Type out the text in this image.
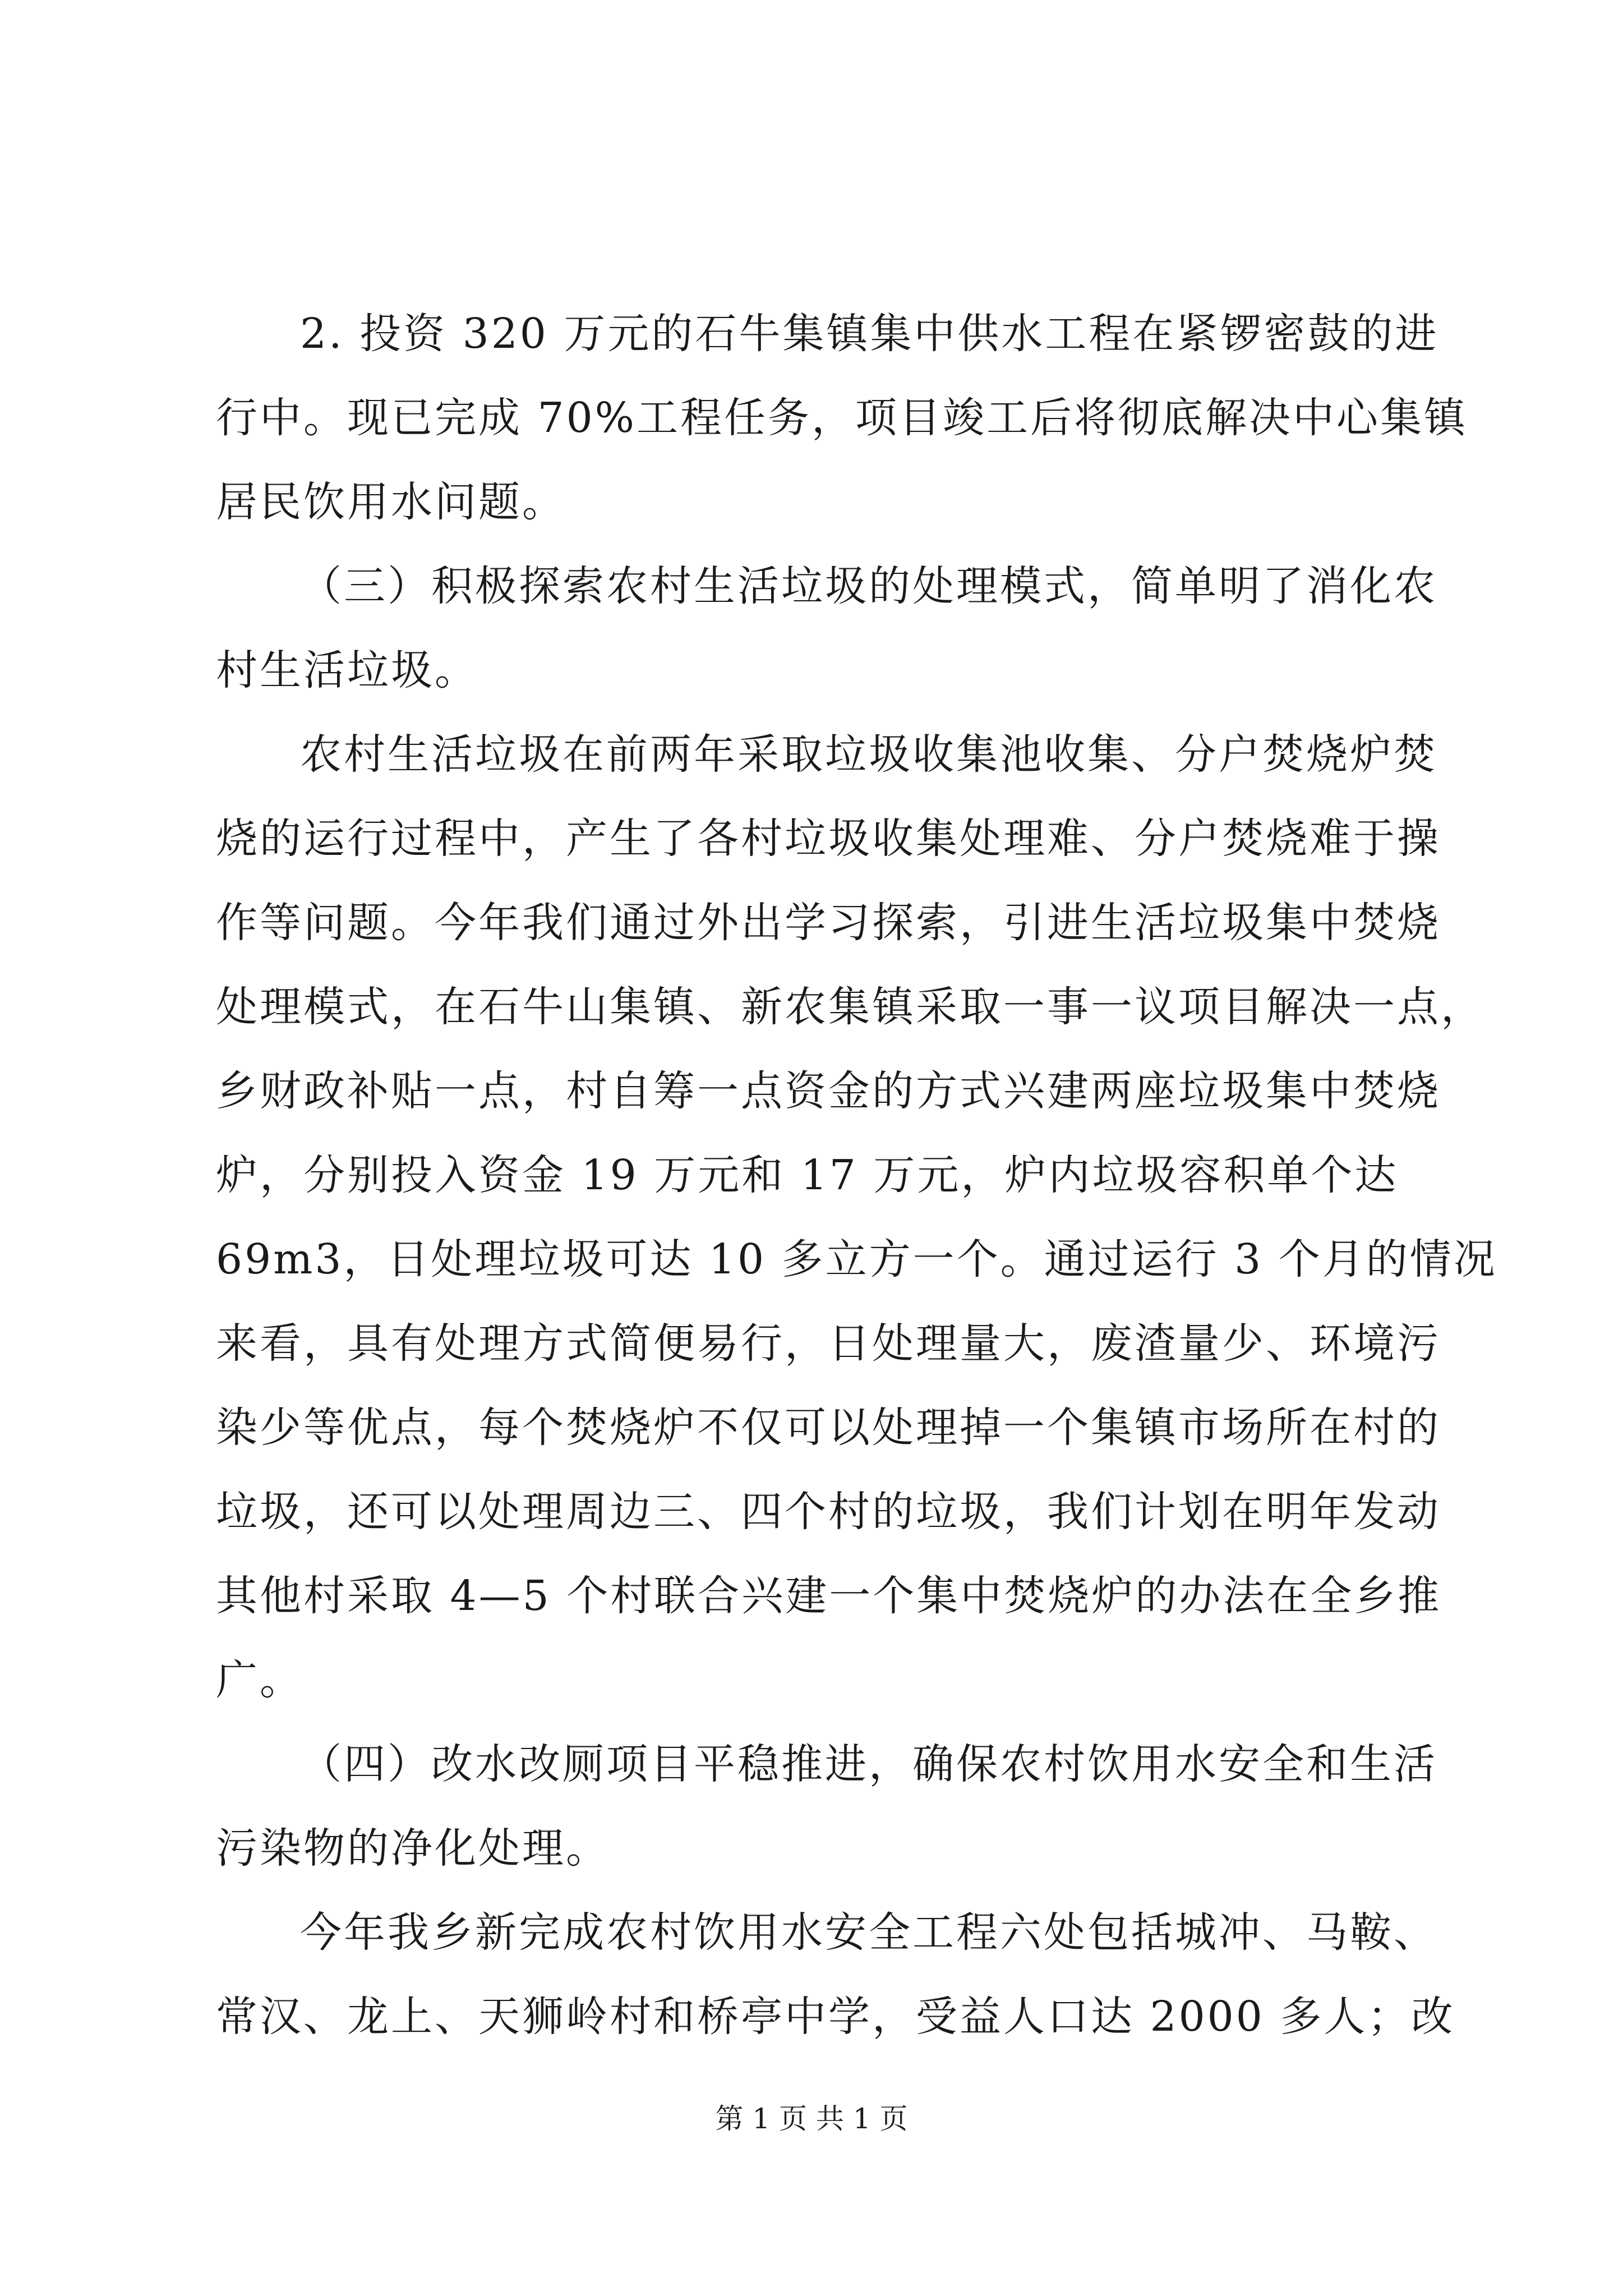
2. 投资 320 万元的石牛集镇集中供水工程在紧锣密鼓的进
行中。现已完成 70%工程任务，项目竣工后将彻底解决中心集镇
居民饮用水问题。
（三）积极探索农村生活垃圾的处理模式，简单明了消化农
村生活垃圾。
农村生活垃圾在前两年采取垃圾收集池收集、分户焚烧炉焚
烧的运行过程中，产生了各村垃圾收集处理难、分户焚烧难于操
作等问题。今年我们通过外出学习探索，引进生活垃圾集中焚烧
处理模式，在石牛山集镇、新农集镇采取一事一议项目解决一点，
乡财政补贴一点，村自筹一点资金的方式兴建两座垃圾集中焚烧
炉，分别投入资金 19 万元和 17 万元，炉内垃圾容积单个达
69m3，日处理垃圾可达 10 多立方一个。通过运行 3 个月的情况
来看，具有处理方式简便易行，日处理量大，废渣量少、环境污
染少等优点，每个焚烧炉不仅可以处理掉一个集镇市场所在村的
垃圾，还可以处理周边三、四个村的垃圾，我们计划在明年发动
其他村采取 4—5 个村联合兴建一个集中焚烧炉的办法在全乡推
广。
（四）改水改厕项目平稳推进，确保农村饮用水安全和生活
污染物的净化处理。
今年我乡新完成农村饮用水安全工程六处包括城冲、马鞍、
常汉、龙上、天狮岭村和桥亭中学，受益人口达 2000 多人；改
第 1 页 共 1 页
